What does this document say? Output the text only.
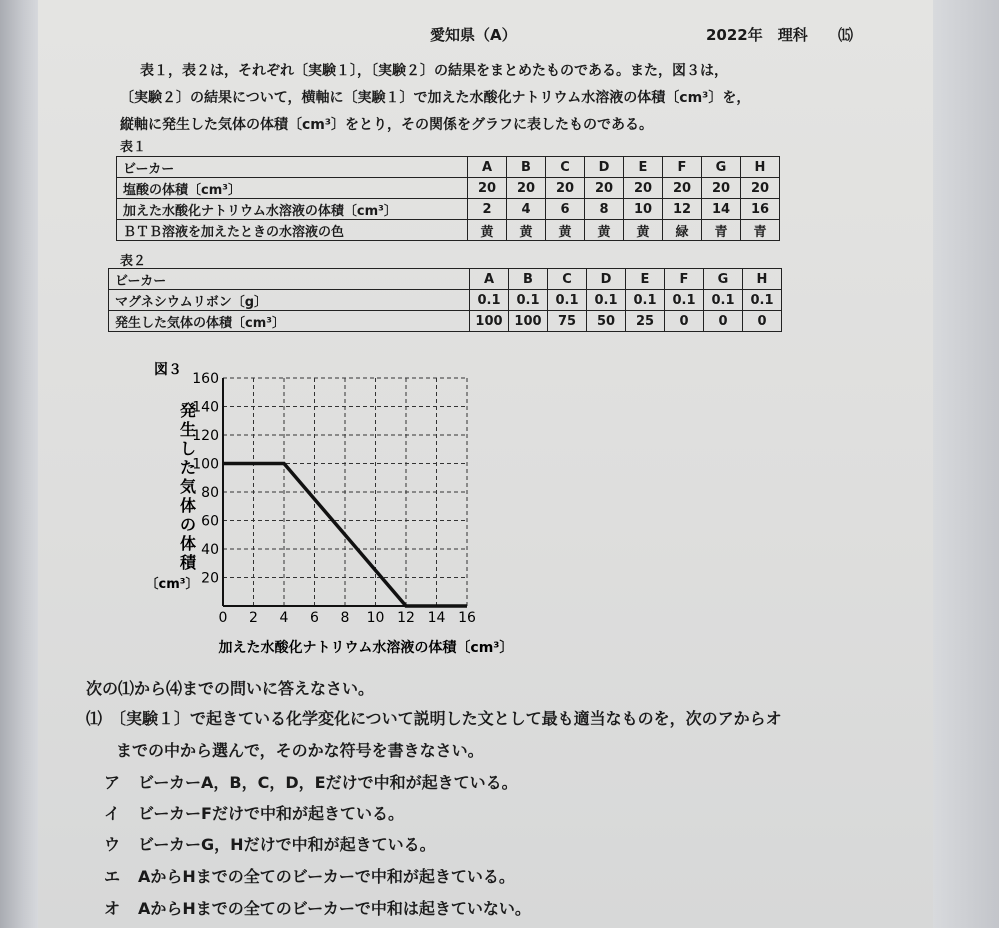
愛知県（A）	2022年　理科 ⒂
表１，表２は，それぞれ〔実験１〕，〔実験２〕の結果をまとめたものである。また，図３は，
〔実験２〕の結果について，横軸に〔実験１〕で加えた水酸化ナトリウム水溶液の体積〔cm³〕を，
縦軸に発生した気体の体積〔cm³〕をとり，その関係をグラフに表したものである。
表１
ビーカー	A	B	C	D	E	F	G	H
塩酸の体積〔cm³〕	20	20	20	20	20	20	20	20
加えた水酸化ナトリウム水溶液の体積〔cm³〕	2	4	6	8	10	12	14	16
ＢＴＢ溶液を加えたときの水溶液の色	黄	黄	黄	黄	黄	緑	青	青
表２
ビーカー	A	B	C	D	E	F	G	H
マグネシウムリボン〔g〕	0.1	0.1	0.1	0.1	0.1	0.1	0.1	0.1
発生した気体の体積〔cm³〕	100	100	75	50	25	0	0	0
図３
0 2 4 6 8 10 12 14 16
20
40
60
80
100
120
140
160
発
生
し
た
気
体
の
体
積
〔cm³〕
加えた水酸化ナトリウム水溶液の体積〔cm³〕
次の⑴から⑷までの問いに答えなさい。
⑴　〔実験１〕で起きている化学変化について説明した文として最も適当なものを，次のアからオ
までの中から選んで，そのかな符号を書きなさい。
ア ビーカーA，B，C，D，Eだけで中和が起きている。
イ ビーカーFだけで中和が起きている。
ウ ビーカーG，Hだけで中和が起きている。
エ AからHまでの全てのビーカーで中和が起きている。
オ AからHまでの全てのビーカーで中和は起きていない。
